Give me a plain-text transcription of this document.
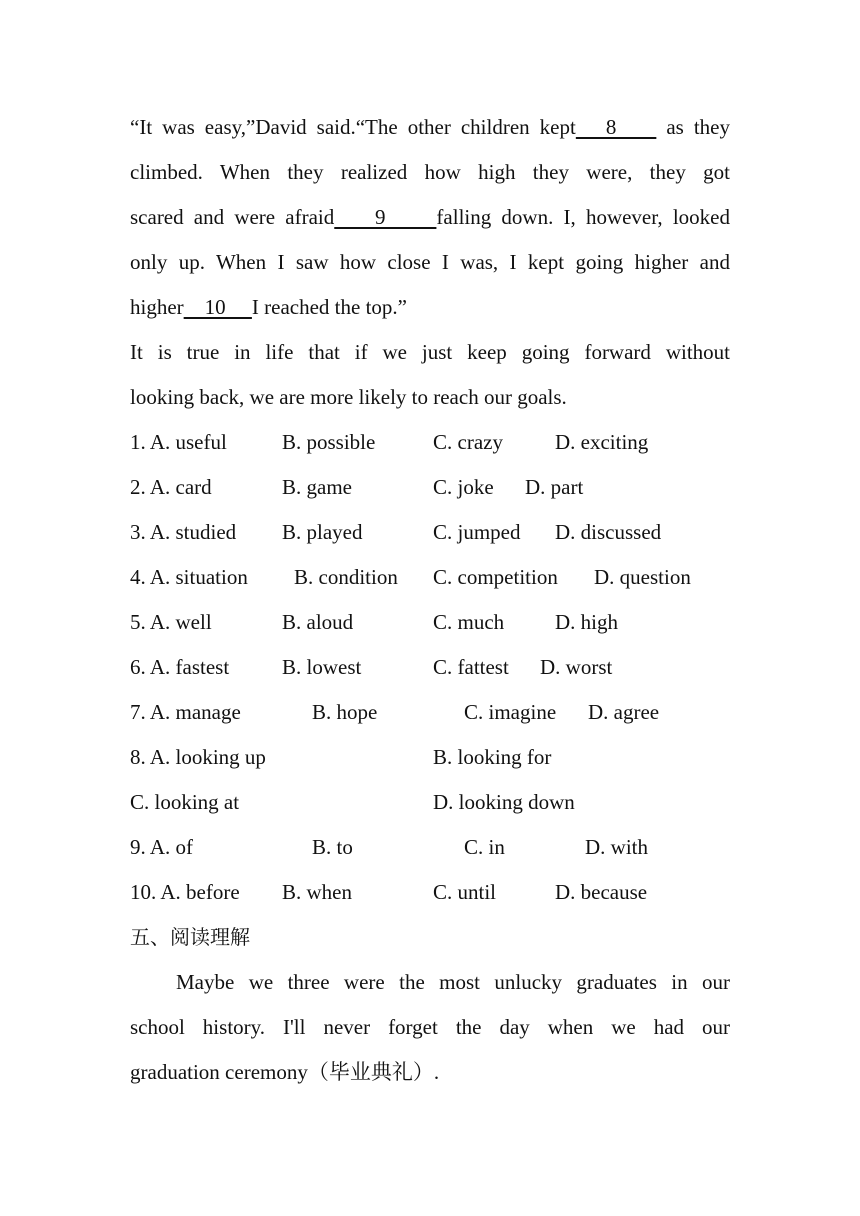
“It was easy,”David said.“The other children kept   8     as they
climbed. When they realized how high they were, they got
scared and were afraid    9     falling down. I, however, looked
only up. When I saw how close I was, I kept going higher and
higher    10     I reached the top.”
It is true in life that if we just keep going forward without
looking back, we are more likely to reach our goals.
1. A. useful	B. possible	C. crazy D. exciting
2. A. card	B. game	C. joke D. part
3. A. studied B. played	C. jumped D. discussed
4. A. situation B. condition C. competition D. question
5. A. well	B. aloud	C. much D. high
6. A. fastest	B. lowest	C. fattest D. worst
7. A. manage	B. hope	C. imagine D. agree
8. A. looking up	B. looking for
C. looking at	D. looking down
9. A. of	B. to	C. in	D. with
10. A. before B. when	C. until	D. because
五、阅读理解
Maybe we three were the most unlucky graduates in our
school history. I'll never forget the day when we had our
graduation ceremony（毕业典礼）.
